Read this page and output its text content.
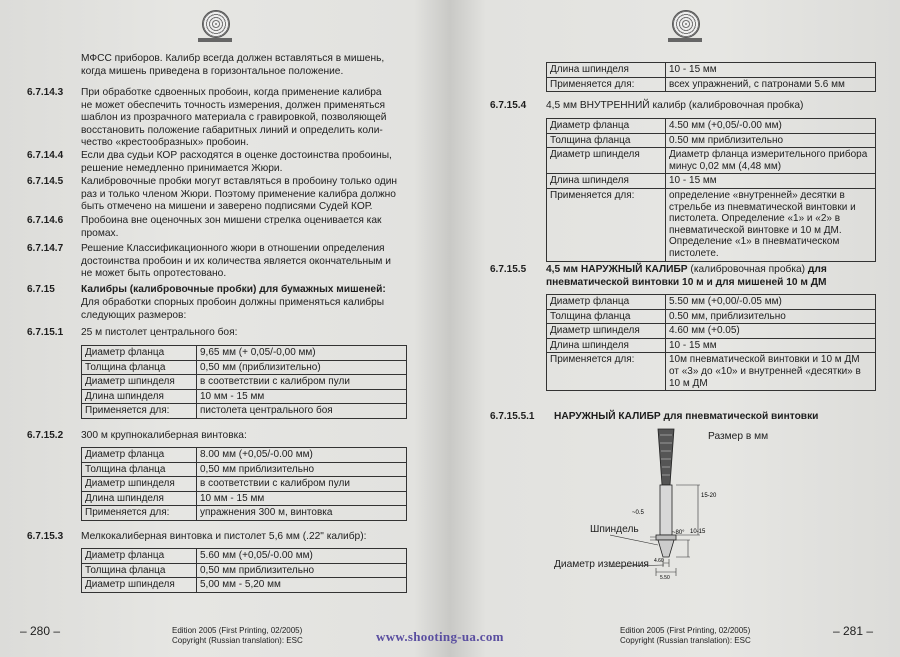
МФСС приборов. Калибр всегда должен вставляться в мишень,
когда мишень приведена в горизонтальное положение.
6.7.14.3 При обработке сдвоенных пробоин, когда применение калибра
не может обеспечить точность измерения, должен применяться
шаблон из прозрачного материала с гравировкой, позволяющей
восстановить положение габаритных линий и определить коли-
чество «крестообразных» пробоин.
6.7.14.4 Если два судьи КОР расходятся в оценке достоинства пробоины,
решение немедленно принимается Жюри.
6.7.14.5 Калибровочные пробки могут вставляться в пробоину только один
раз и только членом Жюри. Поэтому применение калибра должно
быть отмечено на мишени и заверено подписями Судей КОР.
6.7.14.6 Пробоина вне оценочных зон мишени стрелка оценивается как
промах.
6.7.14.7 Решение Классификационного жюри в отношении определения
достоинства пробоин и их количества является окончательным и
не может быть опротестовано.
6.7.15	Калибры (калибровочные пробки) для бумажных мишеней:
Для обработки спорных пробоин должны применяться калибры
следующих размеров:
6.7.15.1 25 м пистолет центрального боя:
Диаметр фланца	9,65 мм (+ 0,05/-0,00 мм)
Толщина фланца	0,50 мм (приблизительно)
Диаметр шпинделя	в соответствии с калибром пули
Длина шпинделя	10 мм - 15 мм
Применяется для:	пистолета центрального боя
6.7.15.2 300 м крупнокалиберная винтовка:
Диаметр фланца	8.00 мм (+0,05/-0.00 мм)
Толщина фланца	0,50 мм приблизительно
Диаметр шпинделя	в соответствии с калибром пули
Длина шпинделя	10 мм - 15 мм
Применяется для:	упражнения 300 м, винтовка
6.7.15.3 Мелкокалиберная винтовка и пистолет 5,6 мм (.22" калибр):
Диаметр фланца	5.60 мм (+0,05/-0.00 мм)
Толщина фланца	0,50 мм приблизительно
Диаметр шпинделя	5,00 мм - 5,20 мм
– 280 –	Edition 2005 (First Printing, 02/2005)
Copyright (Russian translation): ESC	www.shooting-ua.com
Длина шпинделя	10 - 15 мм
Применяется для:	всех упражнений, с патронами 5.6 мм
6.7.15.4 4,5 мм ВНУТРЕННИЙ калибр (калибровочная пробка)
Диаметр фланца	4.50 мм (+0,05/-0.00 мм)
Толщина фланца	0.50 мм приблизительно
Диаметр шпинделя	Диаметр фланца измерительного прибора минус 0,02 мм (4,48 мм)
Длина шпинделя	10 - 15 мм
Применяется для:	определение «внутренней» десятки в стрельбе из пневматической винтовки и пистолета. Определение «1» и «2» в пневматической винтовке и 10 м ДМ. Определение «1» в пневматическом пистолете.
6.7.15.5 4,5 мм НАРУЖНЫЙ КАЛИБР (калибровочная пробка) для
пневматической винтовки 10 м и для мишеней 10 м ДМ
Диаметр фланца	5.50 мм (+0,00/-0.05 мм)
Толщина фланца	0.50 мм, приблизительно
Диаметр шпинделя	4.60 мм (+0.05)
Длина шпинделя	10 - 15 мм
Применяется для:	10м пневматической винтовки и 10 м ДМ от «3» до «10» и внутренней «десятки» в 10 м ДМ
6.7.15.5.1 НАРУЖНЫЙ КАЛИБР для пневматической винтовки
Размер в мм
Шпиндель
Диаметр измерения
15-20
~0.5
~80° 10-15
4.60
5.50
Edition 2005 (First Printing, 02/2005)
Copyright (Russian translation): ESC
– 281 –
